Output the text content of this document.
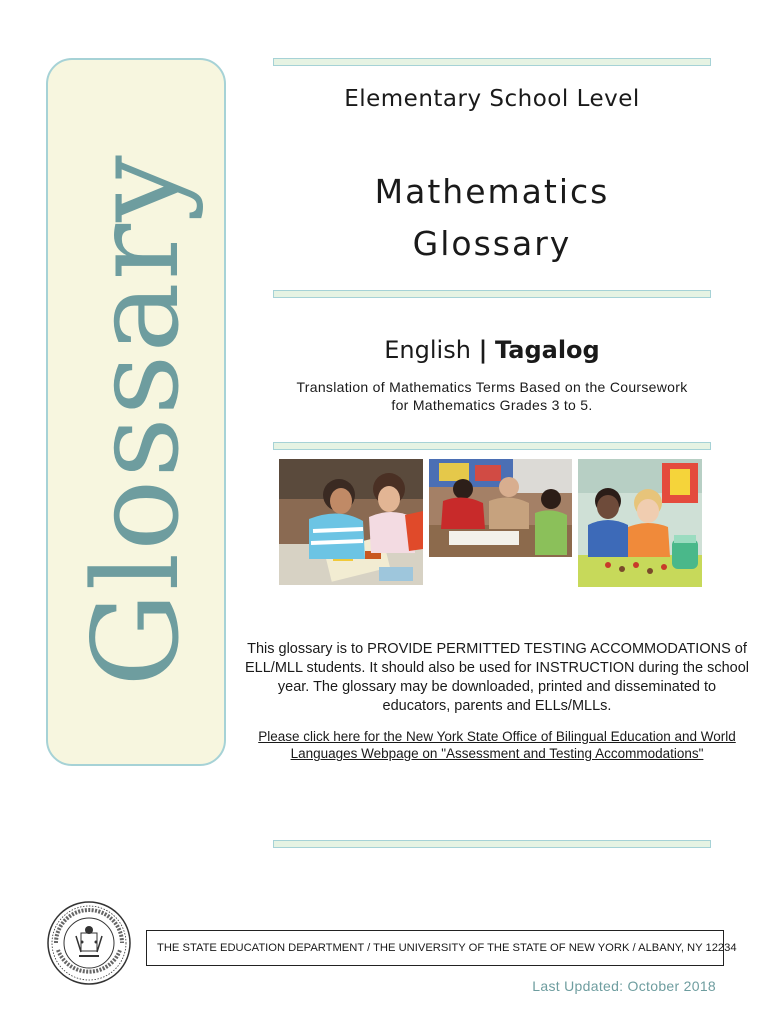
Glossary
Elementary School Level
Mathematics
Glossary
English | Tagalog
Translation of Mathematics Terms Based on the Coursework
for Mathematics Grades 3 to 5.
This glossary is to PROVIDE PERMITTED TESTING ACCOMMODATIONS of
ELL/MLL students. It should also be used for INSTRUCTION during the school
year. The glossary may be downloaded, printed and disseminated to
educators, parents and ELLs/MLLs.
Please click here for the New York State Office of Bilingual Education and World
Languages Webpage on "Assessment and Testing Accommodations"
THE STATE EDUCATION DEPARTMENT / THE UNIVERSITY OF THE STATE OF NEW YORK / ALBANY, NY 12234
Last Updated: October 2018
